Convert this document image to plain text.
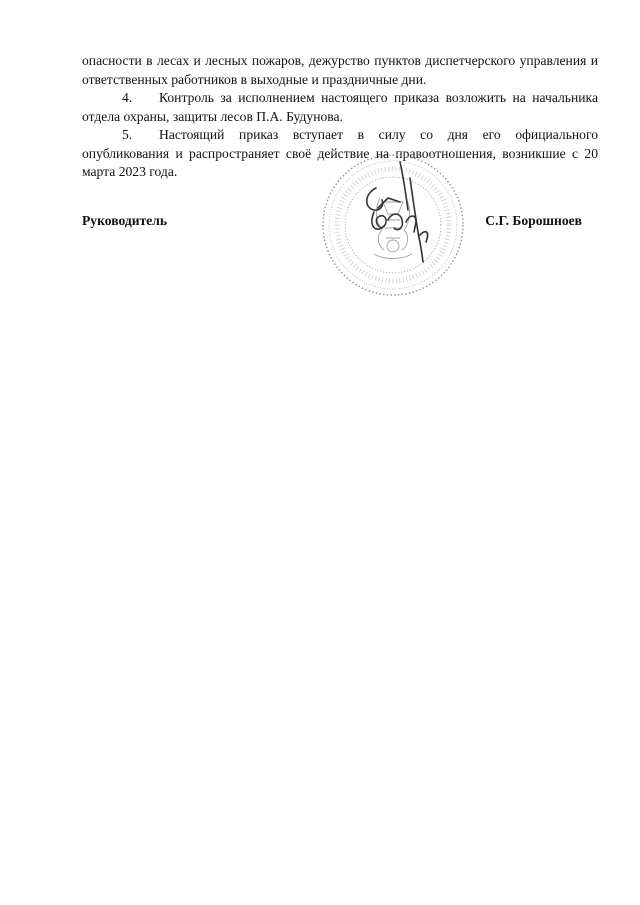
опасности в лесах и лесных пожаров, дежурство пунктов диспетчерского управления и ответственных работников в выходные и праздничные дни.

4. Контроль за исполнением настоящего приказа возложить на начальника отдела охраны, защиты лесов П.А. Будунова.

5. Настоящий приказ вступает в силу со дня его официального опубликования и распространяет своё действие на правоотношения, возникшие с 20 марта 2023 года.

Руководитель	С.Г. Борошноев
